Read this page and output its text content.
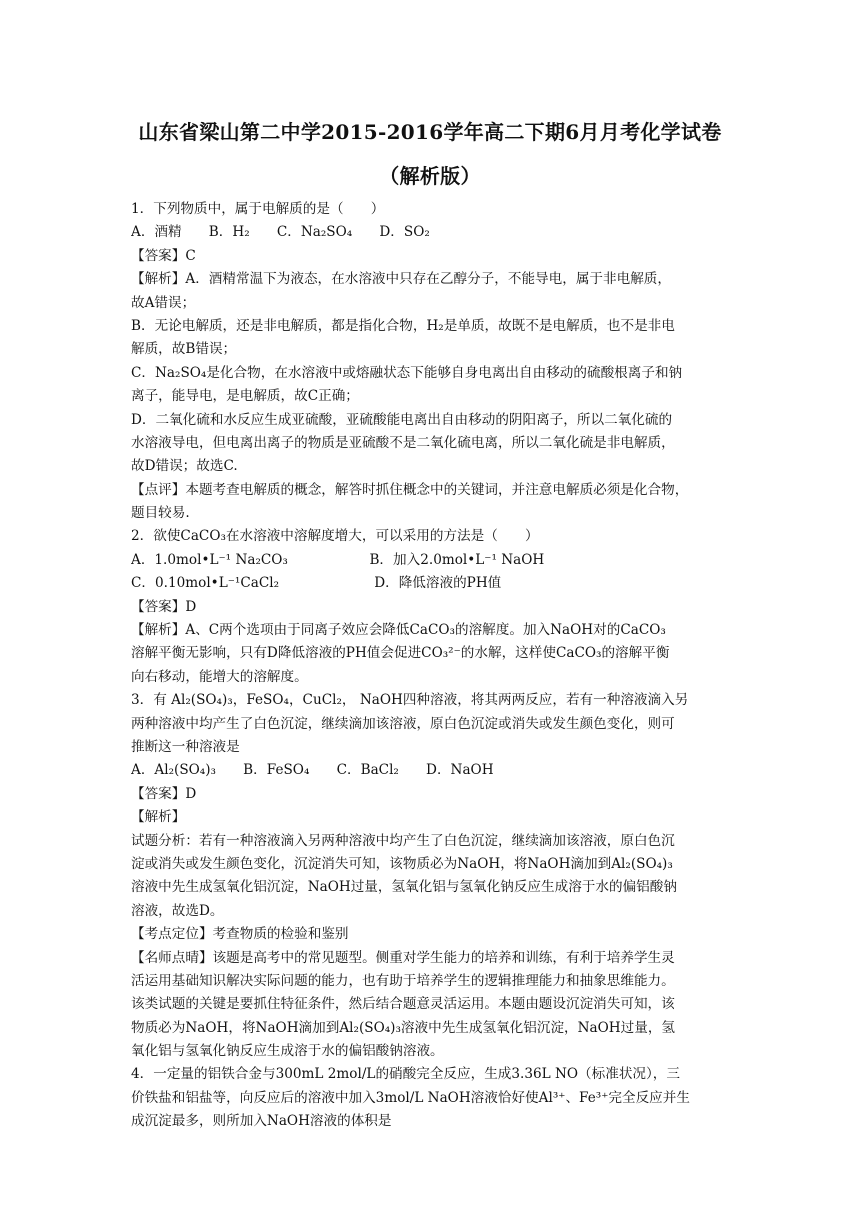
山东省梁山第二中学2015-2016学年高二下期6月月考化学试卷
（解析版）
1．下列物质中，属于电解质的是（　　）
A．酒精　　B．H₂　　C．Na₂SO₄　　D．SO₂
【答案】C
【解析】A．酒精常温下为液态，在水溶液中只存在乙醇分子，不能导电，属于非电解质，
故A错误；
B．无论电解质，还是非电解质，都是指化合物，H₂是单质，故既不是电解质，也不是非电
解质，故B错误；
C．Na₂SO₄是化合物，在水溶液中或熔融状态下能够自身电离出自由移动的硫酸根离子和钠
离子，能导电，是电解质，故C正确；
D．二氧化硫和水反应生成亚硫酸，亚硫酸能电离出自由移动的阴阳离子，所以二氧化硫的
水溶液导电，但电离出离子的物质是亚硫酸不是二氧化硫电离，所以二氧化硫是非电解质，
故D错误；故选C.
【点评】本题考查电解质的概念，解答时抓住概念中的关键词，并注意电解质必须是化合物，
题目较易.
2．欲使CaCO₃在水溶液中溶解度增大，可以采用的方法是（　　）
A．1.0mol•L⁻¹ Na₂CO₃　　　　　　B．加入2.0mol•L⁻¹ NaOH
C．0.10mol•L⁻¹CaCl₂　　　　　　　D．降低溶液的PH值
【答案】D
【解析】A、C两个选项由于同离子效应会降低CaCO₃的溶解度。加入NaOH对的CaCO₃
溶解平衡无影响，只有D降低溶液的PH值会促进CO₃²⁻的水解，这样使CaCO₃的溶解平衡
向右移动，能增大的溶解度。
3．有 Al₂(SO₄)₃，FeSO₄，CuCl₂， NaOH四种溶液，将其两两反应，若有一种溶液滴入另
两种溶液中均产生了白色沉淀，继续滴加该溶液，原白色沉淀或消失或发生颜色变化，则可
推断这一种溶液是
A．Al₂(SO₄)₃　　B．FeSO₄　　C．BaCl₂　　D．NaOH
【答案】D
【解析】
试题分析：若有一种溶液滴入另两种溶液中均产生了白色沉淀，继续滴加该溶液，原白色沉
淀或消失或发生颜色变化，沉淀消失可知，该物质必为NaOH，将NaOH滴加到Al₂(SO₄)₃
溶液中先生成氢氧化铝沉淀，NaOH过量，氢氧化铝与氢氧化钠反应生成溶于水的偏铝酸钠
溶液，故选D。
【考点定位】考查物质的检验和鉴别
【名师点晴】该题是高考中的常见题型。侧重对学生能力的培养和训练，有利于培养学生灵
活运用基础知识解决实际问题的能力，也有助于培养学生的逻辑推理能力和抽象思维能力。
该类试题的关键是要抓住特征条件，然后结合题意灵活运用。本题由题设沉淀消失可知，该
物质必为NaOH，将NaOH滴加到Al₂(SO₄)₃溶液中先生成氢氧化铝沉淀，NaOH过量，氢
氧化铝与氢氧化钠反应生成溶于水的偏铝酸钠溶液。
4．一定量的铝铁合金与300mL 2mol/L的硝酸完全反应，生成3.36L NO（标准状况），三
价铁盐和铝盐等，向反应后的溶液中加入3mol/L NaOH溶液恰好使Al³⁺、Fe³⁺完全反应并生
成沉淀最多，则所加入NaOH溶液的体积是
